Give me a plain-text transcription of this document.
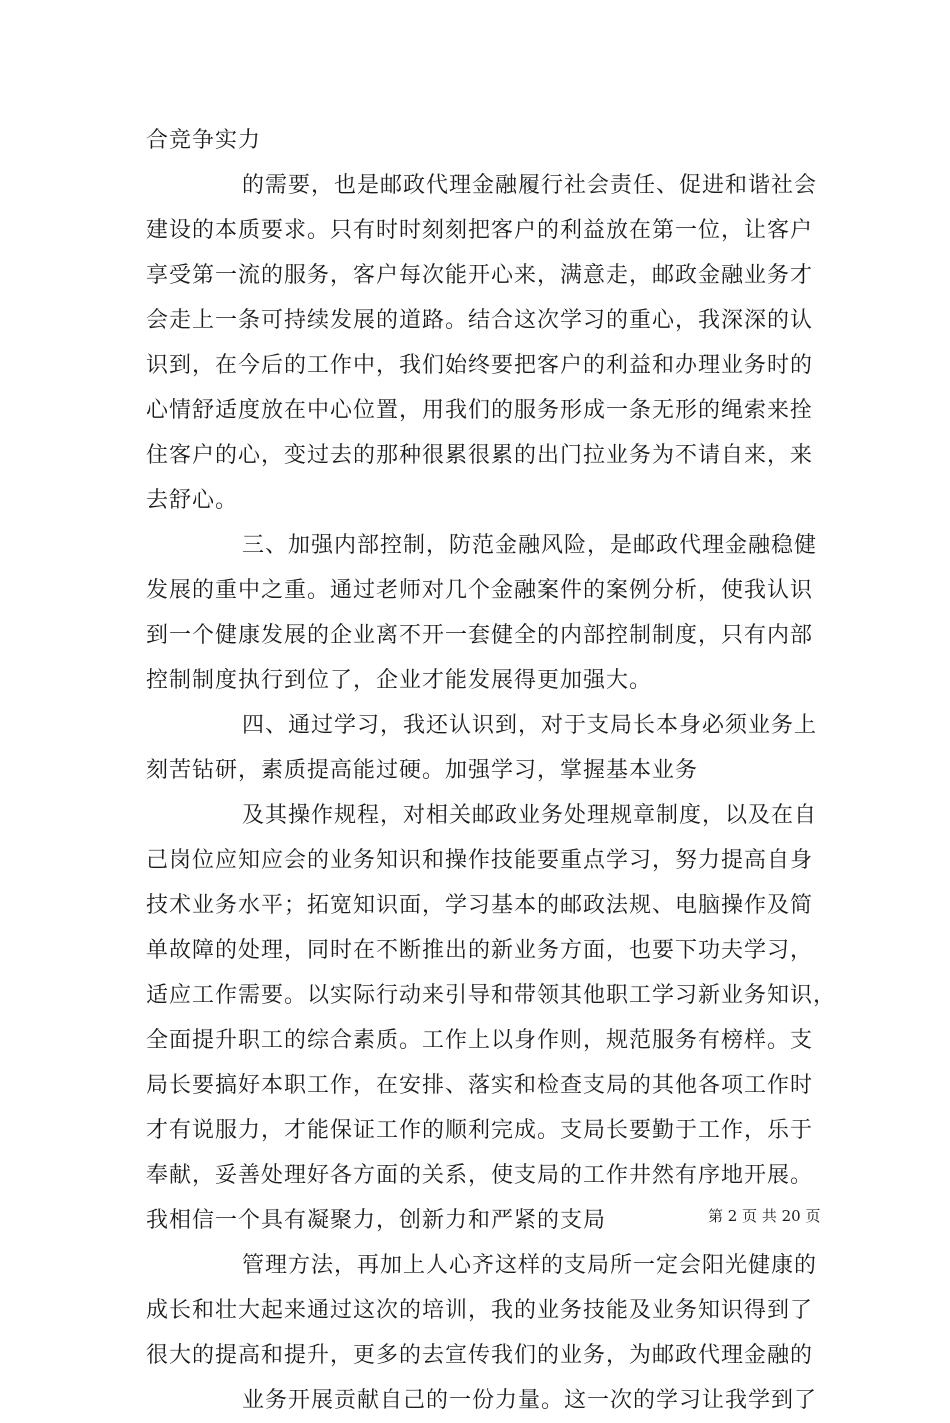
合竞争实力
的需要，也是邮政代理金融履行社会责任、促进和谐社会
建设的本质要求。只有时时刻刻把客户的利益放在第一位，让客户
享受第一流的服务，客户每次能开心来，满意走，邮政金融业务才
会走上一条可持续发展的道路。结合这次学习的重心，我深深的认
识到，在今后的工作中，我们始终要把客户的利益和办理业务时的
心情舒适度放在中心位置，用我们的服务形成一条无形的绳索来拴
住客户的心，变过去的那种很累很累的出门拉业务为不请自来，来
去舒心。
三、加强内部控制，防范金融风险，是邮政代理金融稳健
发展的重中之重。通过老师对几个金融案件的案例分析，使我认识
到一个健康发展的企业离不开一套健全的内部控制制度，只有内部
控制制度执行到位了，企业才能发展得更加强大。
四、通过学习，我还认识到，对于支局长本身必须业务上
刻苦钻研，素质提高能过硬。加强学习，掌握基本业务
及其操作规程，对相关邮政业务处理规章制度，以及在自
己岗位应知应会的业务知识和操作技能要重点学习，努力提高自身
技术业务水平；拓宽知识面，学习基本的邮政法规、电脑操作及简
单故障的处理，同时在不断推出的新业务方面，也要下功夫学习，
适应工作需要。以实际行动来引导和带领其他职工学习新业务知识，
全面提升职工的综合素质。工作上以身作则，规范服务有榜样。支
局长要搞好本职工作，在安排、落实和检查支局的其他各项工作时
才有说服力，才能保证工作的顺利完成。支局长要勤于工作，乐于
奉献，妥善处理好各方面的关系，使支局的工作井然有序地开展。
我相信一个具有凝聚力，创新力和严紧的支局
管理方法，再加上人心齐这样的支局所一定会阳光健康的
成长和壮大起来通过这次的培训，我的业务技能及业务知识得到了
很大的提高和提升，更多的去宣传我们的业务，为邮政代理金融的
业务开展贡献自己的一份力量。这一次的学习让我学到了
第 2 页 共 20 页
